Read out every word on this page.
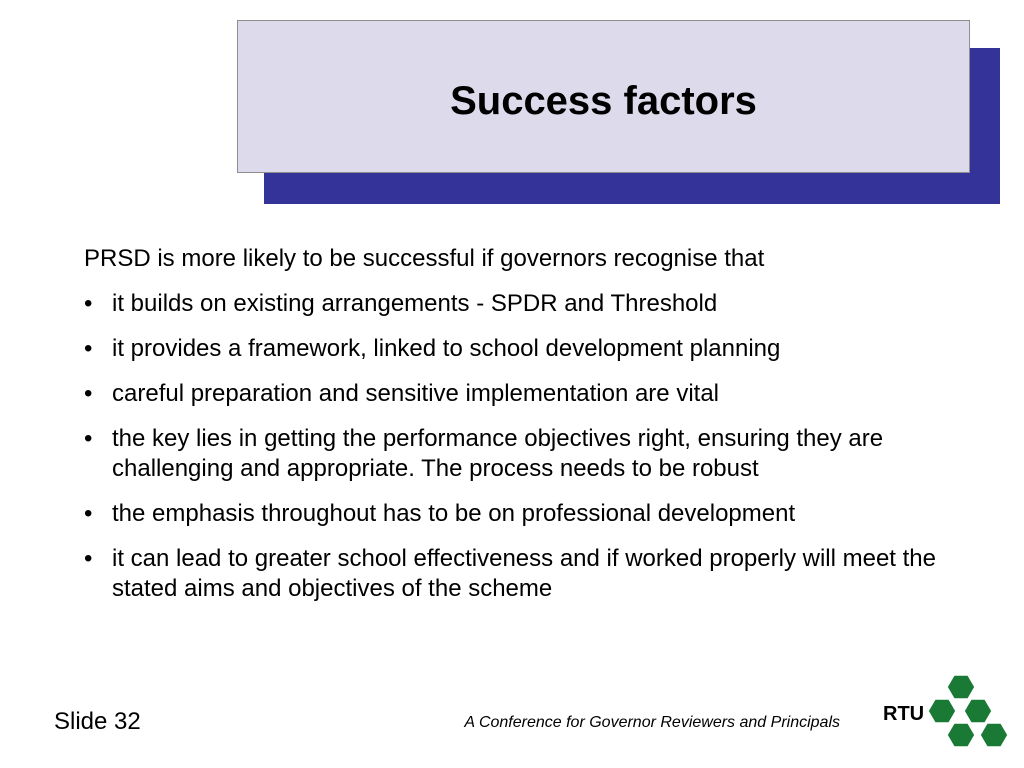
Success factors

PRSD is more likely to be successful if governors recognise that

• it builds on existing arrangements - SPDR and Threshold
• it provides a framework, linked to school development planning
• careful preparation and sensitive implementation are vital
• the key lies in getting the performance objectives right, ensuring they are challenging and appropriate. The process needs to be robust
• the emphasis throughout has to be on professional development
• it can lead to greater school effectiveness and if worked properly will meet the stated aims and objectives of the scheme
Slide 32	A Conference for Governor Reviewers and Principals RTU
